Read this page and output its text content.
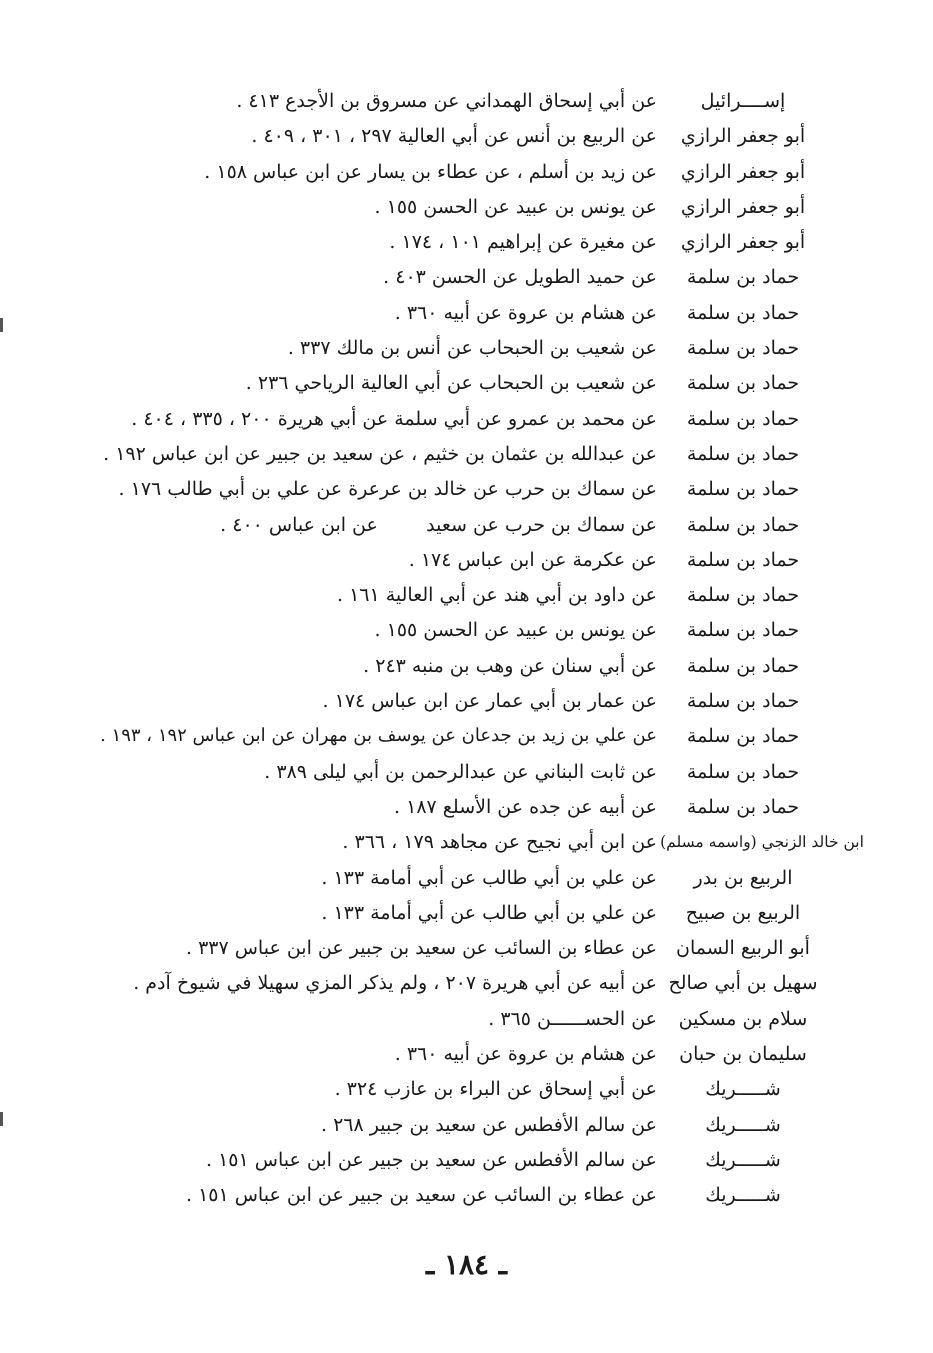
إســــرائيل
عن أبي إسحاق الهمداني عن مسروق بن الأجدع ٤١٣ .
أبو جعفر الرازي
عن الربيع بن أنس عن أبي العالية ٢٩٧ ، ٣٠١ ، ٤٠٩ .
أبو جعفر الرازي
عن زيد بن أسلم ، عن عطاء بن يسار عن ابن عباس ١٥٨ .
أبو جعفر الرازي
عن يونس بن عبيد عن الحسن ١٥٥ .
أبو جعفر الرازي
عن مغيرة عن إبراهيم ١٠١ ، ١٧٤ .
حماد بن سلمة
عن حميد الطويل عن الحسن ٤٠٣ .
حماد بن سلمة
عن هشام بن عروة عن أبيه ٣٦٠ .
حماد بن سلمة
عن شعيب بن الحبحاب عن أنس بن مالك ٣٣٧ .
حماد بن سلمة
عن شعيب بن الحبحاب عن أبي العالية الرياحي ٢٣٦ .
حماد بن سلمة
عن محمد بن عمرو عن أبي سلمة عن أبي هريرة ٢٠٠ ، ٣٣٥ ، ٤٠٤ .
حماد بن سلمة
عن عبدالله بن عثمان بن خثيم ، عن سعيد بن جبير عن ابن عباس ١٩٢ .
حماد بن سلمة
عن سماك بن حرب عن خالد بن عرعرة عن علي بن أبي طالب ١٧٦ .
حماد بن سلمة
عن سماك بن حرب عن سعيد        عن ابن عباس ٤٠٠ .
حماد بن سلمة
عن عكرمة عن ابن عباس ١٧٤ .
حماد بن سلمة
عن داود بن أبي هند عن أبي العالية ١٦١ .
حماد بن سلمة
عن يونس بن عبيد عن الحسن ١٥٥ .
حماد بن سلمة
عن أبي سنان عن وهب بن منبه ٢٤٣ .
حماد بن سلمة
عن عمار بن أبي عمار عن ابن عباس ١٧٤ .
حماد بن سلمة
عن علي بن زيد بن جدعان عن يوسف بن مهران عن ابن عباس ١٩٢ ، ١٩٣ .
حماد بن سلمة
عن ثابت البناني عن عبدالرحمن بن أبي ليلى ٣٨٩ .
حماد بن سلمة
عن أبيه عن جده عن الأسلع ١٨٧ .
ابن خالد الزنجي (واسمه مسلم)
عن ابن أبي نجيح عن مجاهد ١٧٩ ، ٣٦٦ .
الربيع بن بدر
عن علي بن أبي طالب عن أبي أمامة ١٣٣ .
الربيع بن صبيح
عن علي بن أبي طالب عن أبي أمامة ١٣٣ .
أبو الربيع السمان
عن عطاء بن السائب عن سعيد بن جبير عن ابن عباس ٣٣٧ .
سهيل بن أبي صالح
عن أبيه عن أبي هريرة ٢٠٧ ، ولم يذكر المزي سهيلا في شيوخ آدم .
سلام بن مسكين
عن الحســــــن ٣٦٥ .
سليمان بن حبان
عن هشام بن عروة عن أبيه ٣٦٠ .
شـــــريك
عن أبي إسحاق عن البراء بن عازب ٣٢٤ .
شـــــريك
عن سالم الأفطس عن سعيد بن جبير ٢٦٨ .
شـــــريك
عن سالم الأفطس عن سعيد بن جبير عن ابن عباس ١٥١ .
شـــــريك
عن عطاء بن السائب عن سعيد بن جبير عن ابن عباس ١٥١ .
ـ ١٨٤ ـ
